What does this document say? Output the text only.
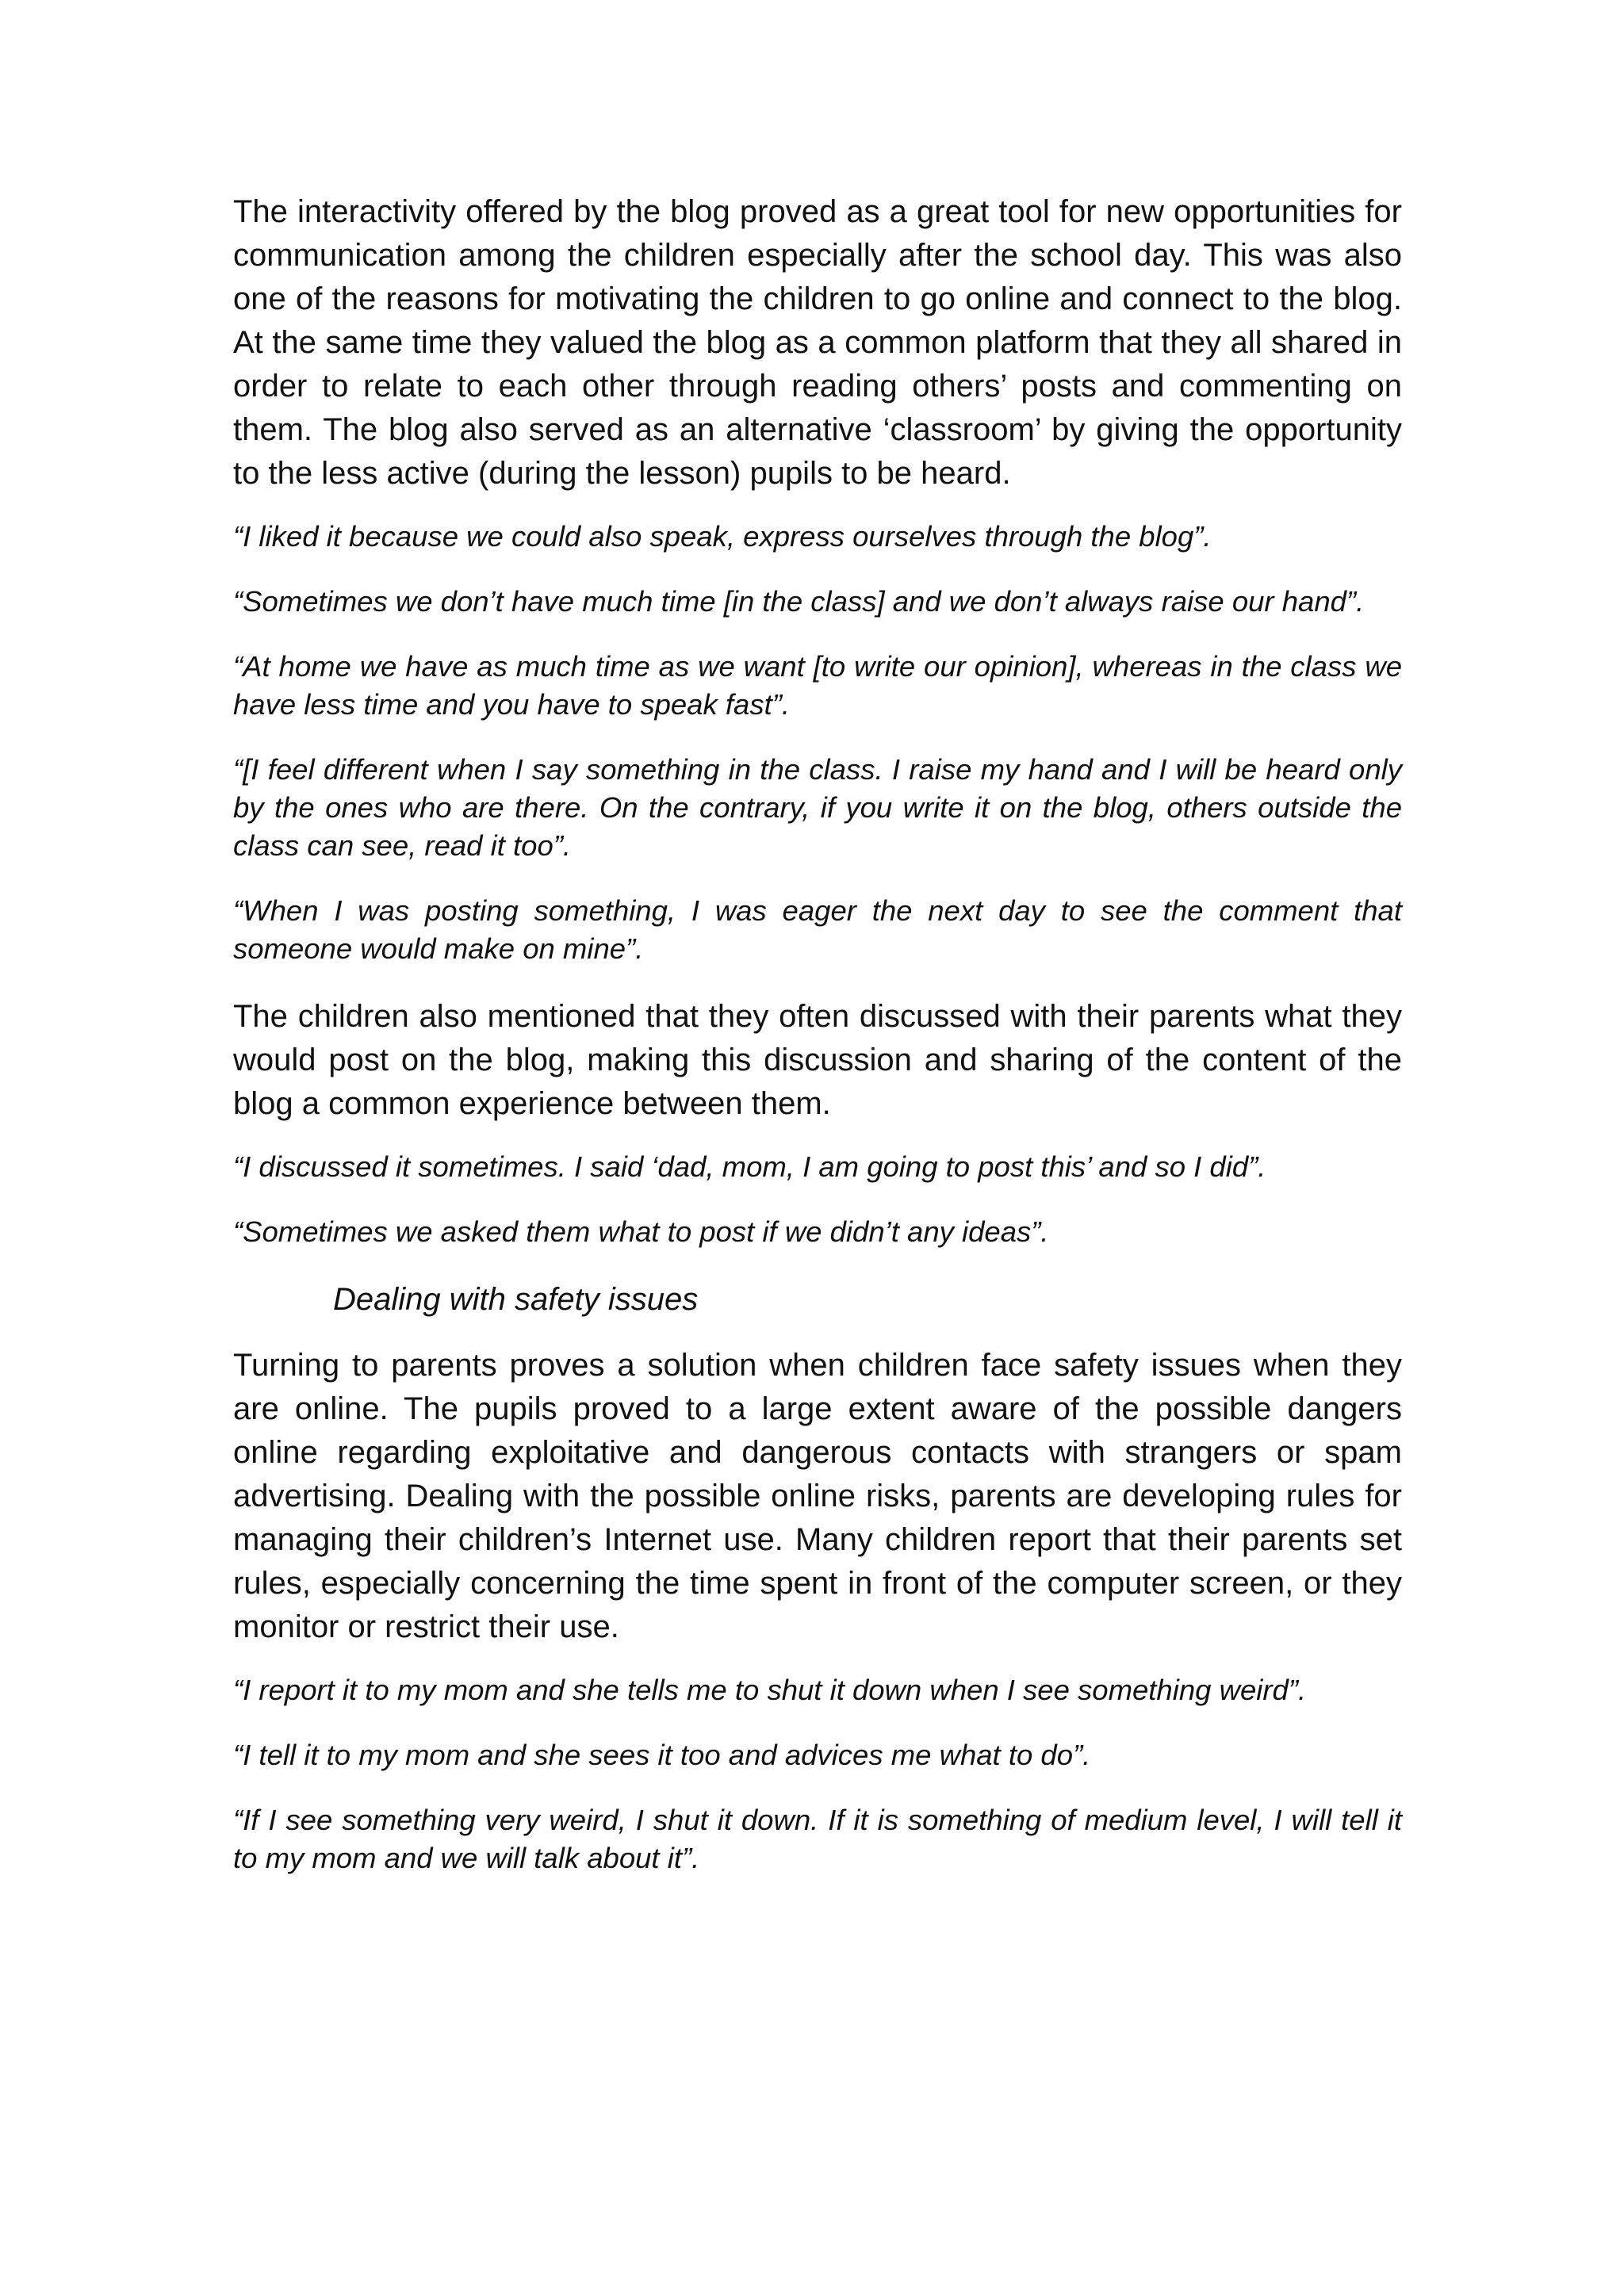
The interactivity offered by the blog proved as a great tool for new opportunities for communication among the children especially after the school day. This was also one of the reasons for motivating the children to go online and connect to the blog. At the same time they valued the blog as a common platform that they all shared in order to relate to each other through reading others’ posts and commenting on them. The blog also served as an alternative ‘classroom’ by giving the opportunity to the less active (during the lesson) pupils to be heard.

“I liked it because we could also speak, express ourselves through the blog”.

“Sometimes we don’t have much time [in the class] and we don’t always raise our hand”.

“At home we have as much time as we want [to write our opinion], whereas in the class we have less time and you have to speak fast”.

“[I feel different when I say something in the class. I raise my hand and I will be heard only by the ones who are there. On the contrary, if you write it on the blog, others outside the class can see, read it too”.

“When I was posting something, I was eager the next day to see the comment that someone would make on mine”.

The children also mentioned that they often discussed with their parents what they would post on the blog, making this discussion and sharing of the content of the blog a common experience between them.

“I discussed it sometimes. I said ‘dad, mom, I am going to post this’ and so I did”.

“Sometimes we asked them what to post if we didn’t any ideas”.

Dealing with safety issues

Turning to parents proves a solution when children face safety issues when they are online. The pupils proved to a large extent aware of the possible dangers online regarding exploitative and dangerous contacts with strangers or spam advertising. Dealing with the possible online risks, parents are developing rules for managing their children’s Internet use. Many children report that their parents set rules, especially concerning the time spent in front of the computer screen, or they monitor or restrict their use.

“I report it to my mom and she tells me to shut it down when I see something weird”.

“I tell it to my mom and she sees it too and advices me what to do”.

“If I see something very weird, I shut it down. If it is something of medium level, I will tell it to my mom and we will talk about it”.
